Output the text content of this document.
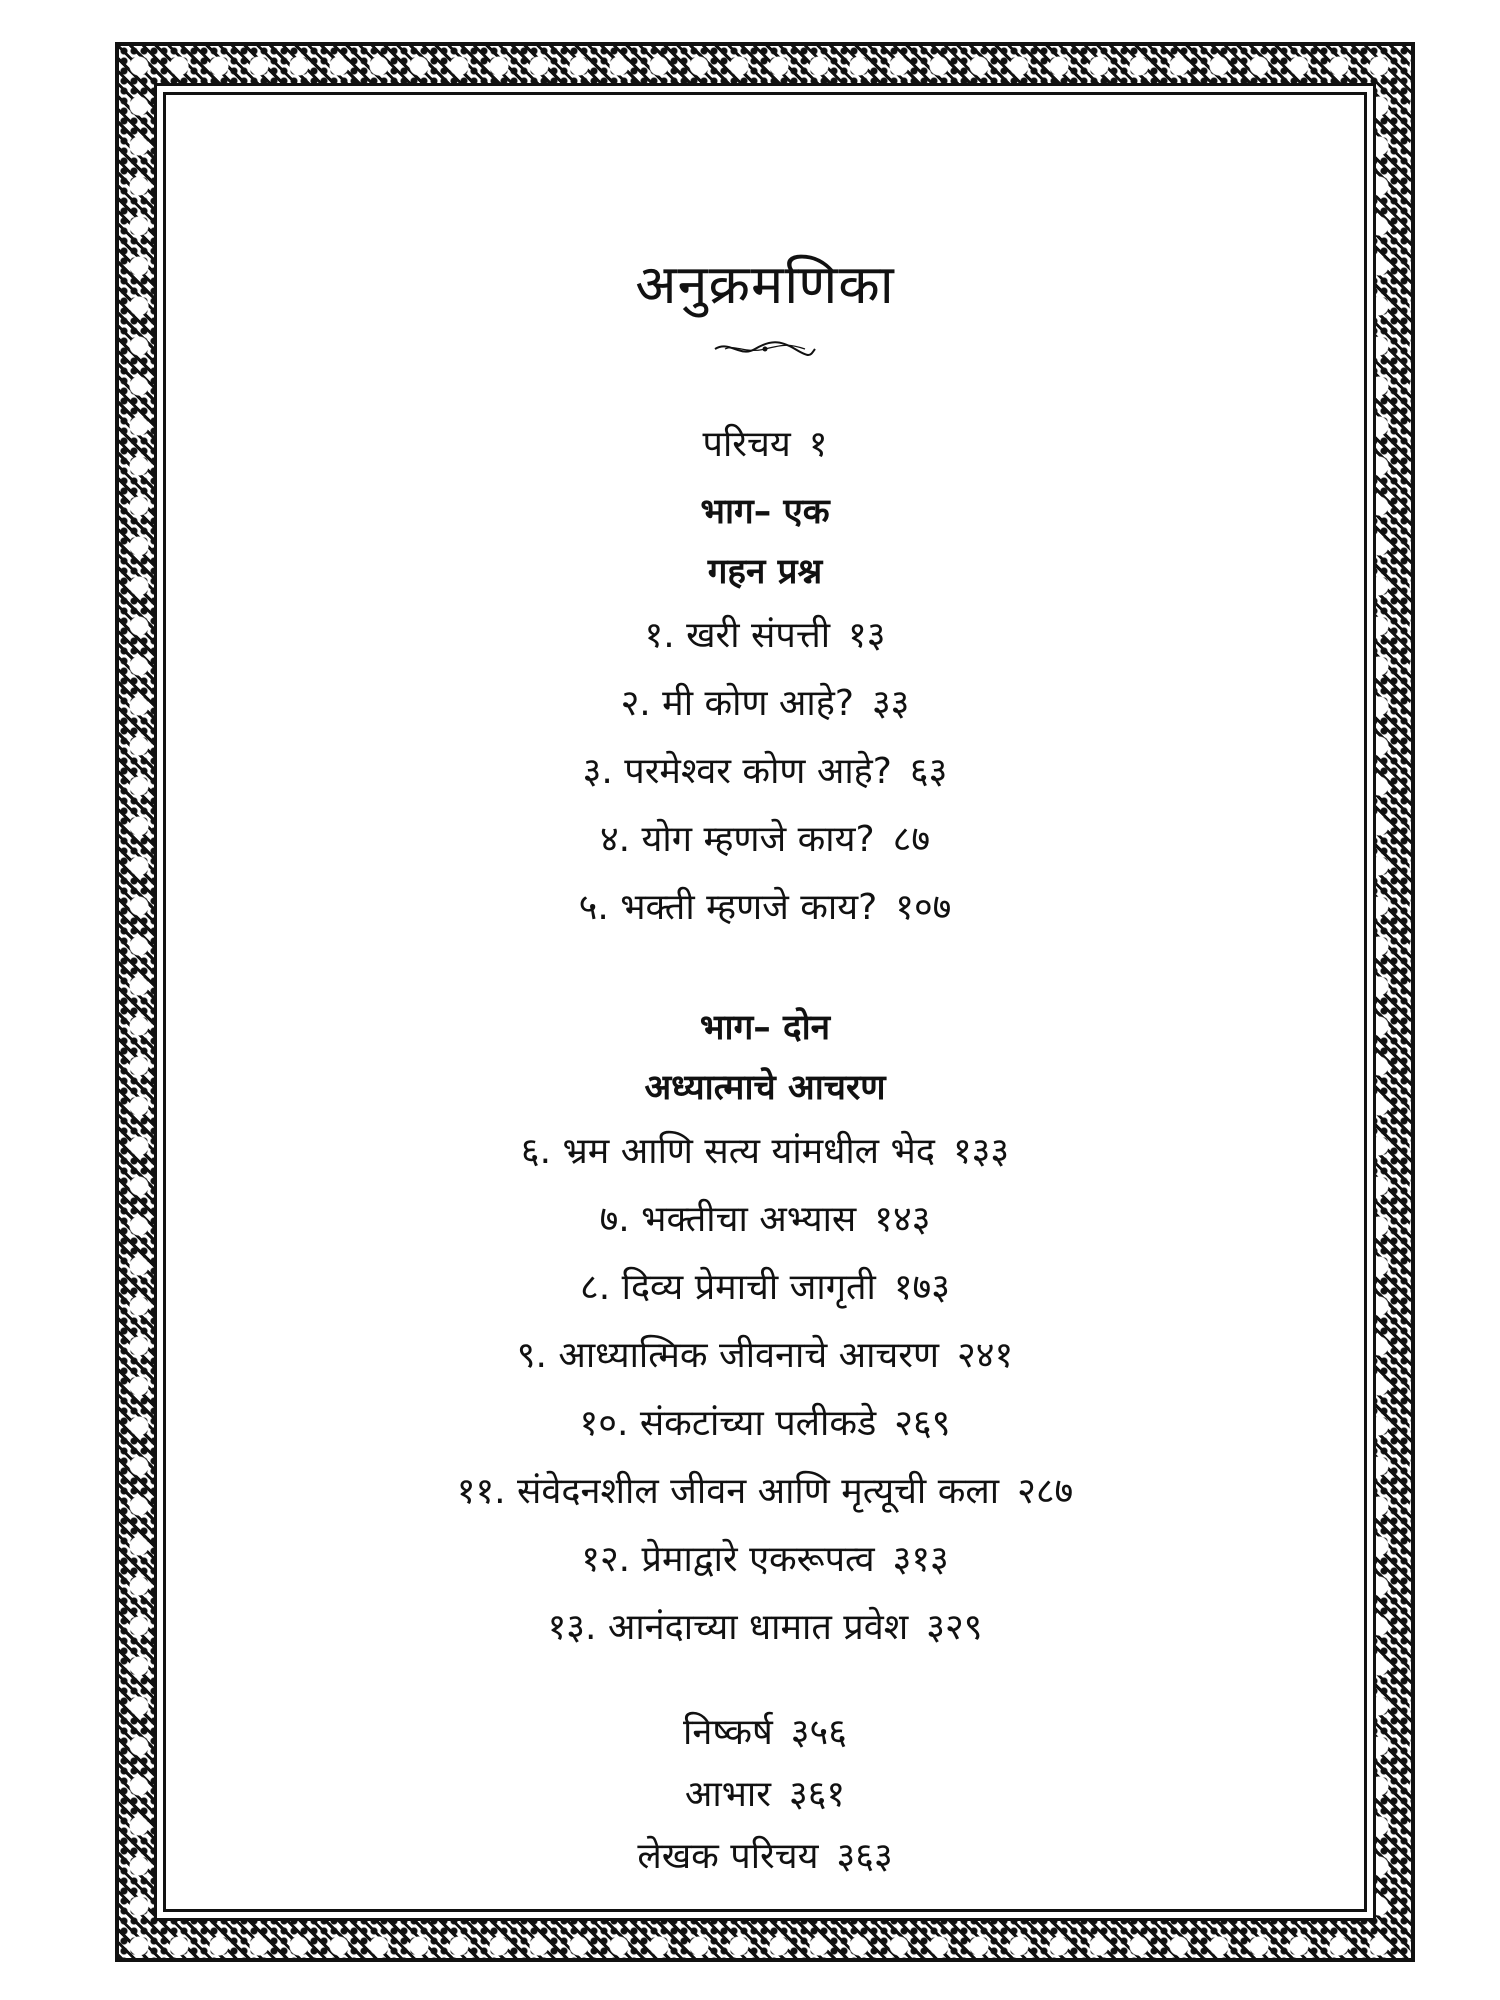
अनुक्रमणिका
परिचय १
भाग– एक
गहन प्रश्न
१. खरी संपत्ती १३
२. मी कोण आहे? ३३
३. परमेश्वर कोण आहे? ६३
४. योग म्हणजे काय? ८७
५. भक्ती म्हणजे काय? १०७
भाग– दोन
अध्यात्माचे आचरण
६. भ्रम आणि सत्य यांमधील भेद १३३
७. भक्तीचा अभ्यास १४३
८. दिव्य प्रेमाची जागृती १७३
९. आध्यात्मिक जीवनाचे आचरण २४१
१०. संकटांच्या पलीकडे २६९
११. संवेदनशील जीवन आणि मृत्यूची कला २८७
१२. प्रेमाद्वारे एकरूपत्व ३१३
१३. आनंदाच्या धामात प्रवेश ३२९
निष्कर्ष ३५६
आभार ३६१
लेखक परिचय ३६३
